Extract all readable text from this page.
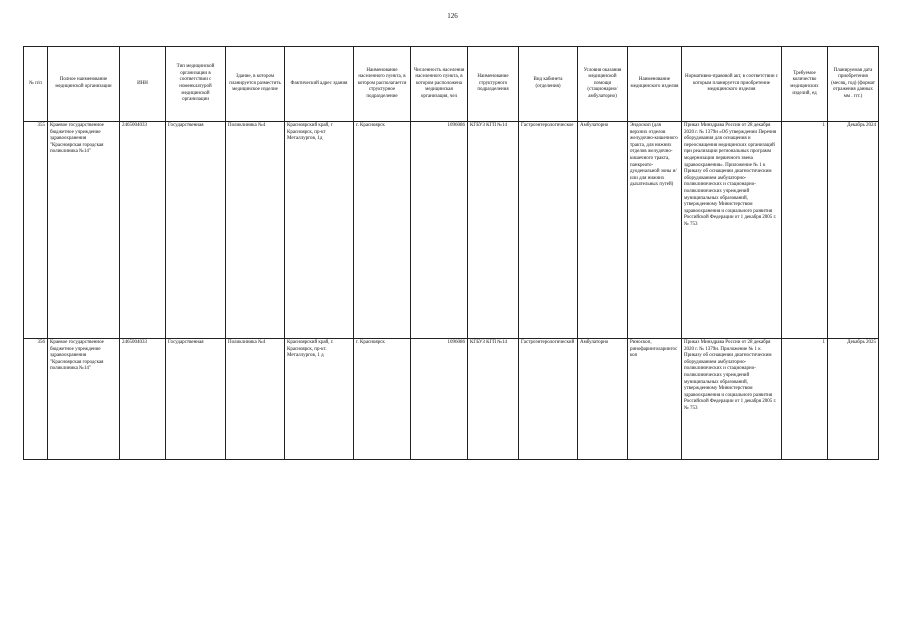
126
№ п/п	Полное наименование медицинской организации	ИНН	Тип медицинской организации в соответствии с номенклатурой медицинской организации	Здание, в котором планируется разместить медицинское изделие	Фактический адрес здания	Наименование населенного пункта, в котором располагается структурное подразделение	Численность населения населенного пункта, в котором расположена медицинская организация, чел	Наименование структурного подразделения	Вид кабинета (отделения)	Условия оказания медицинской помощи (стационарно/ амбулаторно)	Наименование медицинского изделия	Нормативно-правовой акт, в соответствии с которым планируется приобретение медицинского изделия	Требуемое количество медицинских изделий, ед	Планируемая дата приобретения (месяц, год) (формат отражения данных мм . ггг.)
355	Краевое государственное бюджетное учреждение здравоохранения "Красноярская городская поликлиника №14"	2465004033	Государственная	Поликлиника №4	Красноярский край, г Красноярск, пр-кт Металлургов, 1д	г. Красноярск	1096086	КГБУЗ КГП №14	Гастроэнтерологическое	Амбулаторно	Эндоскоп (для верхних отделов желудочно-кишечного тракта, для нижних отделов желудочно-кишечного тракта, панкреато-дуоденальной зоны и/или для нижних дыхательных путей)	Приказ Минздрава России от 28 декабря 2020 г. № 1379н «Об утверждении Перечня оборудования для оснащения и переоснащения медицинских организаций при реализации региональных программ модернизации первичного звена здравоохранения». Приложение № 1 к Приказу об оснащении диагностическим оборудованием амбулаторно-поликлинических и стационарно-поликлинических учреждений муниципальных образований, утвержденному Министерством здравоохранения и социального развития Российской Федерации от 1 декабря 2005 г. № 753	1	Декабрь 2024
356	Краевое государственное бюджетное учреждение здравоохранения "Красноярская городская поликлиника №14"	2465004033	Государственная	Поликлиника №4	Красноярский край, г. Красноярск, пр-кт. Металлургов, 1 д	г. Красноярск	1096086	КГБУЗ КГП №14	Гастроэнтерологический	Амбулаторно	Риноскоп, ринофаринголарингоскоп	Приказ Минздрава России от 28 декабря 2020 г. № 1379н. Приложение № 1 к Приказу об оснащении диагностическим оборудованием амбулаторно-поликлинических и стационарно-поликлинических учреждений муниципальных образований, утвержденному Министерством здравоохранения и социального развития Российской Федерации от 1 декабря 2005 г. № 753	1	Декабрь 2025
